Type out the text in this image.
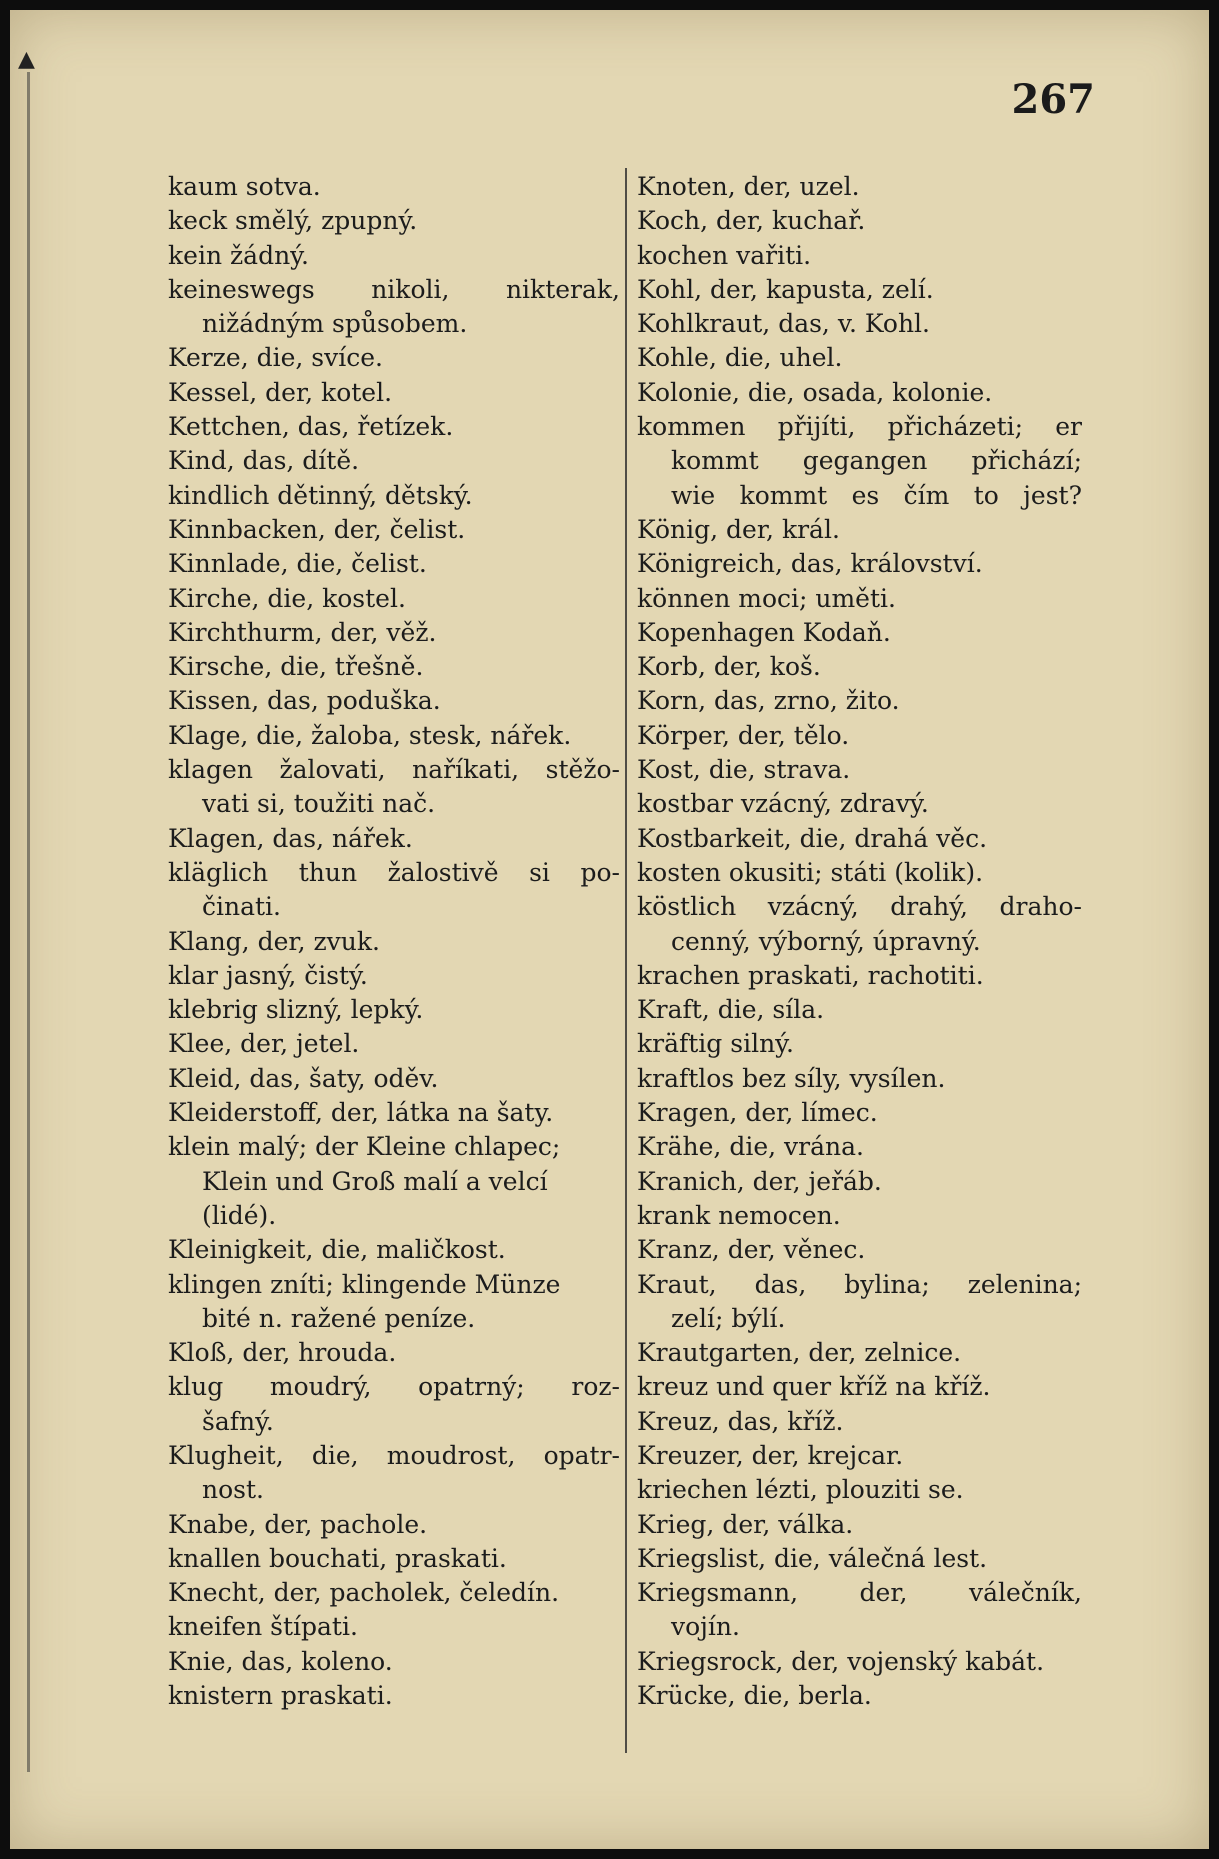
▲
267
kaum sotva.
keck smělý, zpupný.
kein žádný.
keineswegs nikoli, nikterak,
nižádným spůsobem.
Kerze, die, svíce.
Kessel, der, kotel.
Kettchen, das, řetízek.
Kind, das, dítě.
kindlich dětinný, dětský.
Kinnbacken, der, čelist.
Kinnlade, die, čelist.
Kirche, die, kostel.
Kirchthurm, der, věž.
Kirsche, die, třešně.
Kissen, das, poduška.
Klage, die, žaloba, stesk, nářek.
klagen žalovati, naříkati, stěžo-
vati si, toužiti nač.
Klagen, das, nářek.
kläglich thun žalostivě si po-
činati.
Klang, der, zvuk.
klar jasný, čistý.
klebrig slizný, lepký.
Klee, der, jetel.
Kleid, das, šaty, oděv.
Kleiderstoff, der, látka na šaty.
klein malý; der Kleine chlapec;
Klein und Groß malí a velcí
(lidé).
Kleinigkeit, die, maličkost.
klingen zníti; klingende Münze
bité n. ražené peníze.
Kloß, der, hrouda.
klug moudrý, opatrný; roz-
šafný.
Klugheit, die, moudrost, opatr-
nost.
Knabe, der, pachole.
knallen bouchati, praskati.
Knecht, der, pacholek, čeledín.
kneifen štípati.
Knie, das, koleno.
knistern praskati.
Knoten, der, uzel.
Koch, der, kuchař.
kochen vařiti.
Kohl, der, kapusta, zelí.
Kohlkraut, das, v. Kohl.
Kohle, die, uhel.
Kolonie, die, osada, kolonie.
kommen přijíti, přicházeti; er
kommt gegangen přichází;
wie kommt es čím to jest?
König, der, král.
Königreich, das, království.
können moci; uměti.
Kopenhagen Kodaň.
Korb, der, koš.
Korn, das, zrno, žito.
Körper, der, tělo.
Kost, die, strava.
kostbar vzácný, zdravý.
Kostbarkeit, die, drahá věc.
kosten okusiti; státi (kolik).
köstlich vzácný, drahý, draho-
cenný, výborný, úpravný.
krachen praskati, rachotiti.
Kraft, die, síla.
kräftig silný.
kraftlos bez síly, vysílen.
Kragen, der, límec.
Krähe, die, vrána.
Kranich, der, jeřáb.
krank nemocen.
Kranz, der, věnec.
Kraut, das, bylina; zelenina;
zelí; býlí.
Krautgarten, der, zelnice.
kreuz und quer kříž na kříž.
Kreuz, das, kříž.
Kreuzer, der, krejcar.
kriechen lézti, plouziti se.
Krieg, der, válka.
Kriegslist, die, válečná lest.
Kriegsmann, der, válečník,
vojín.
Kriegsrock, der, vojenský kabát.
Krücke, die, berla.
